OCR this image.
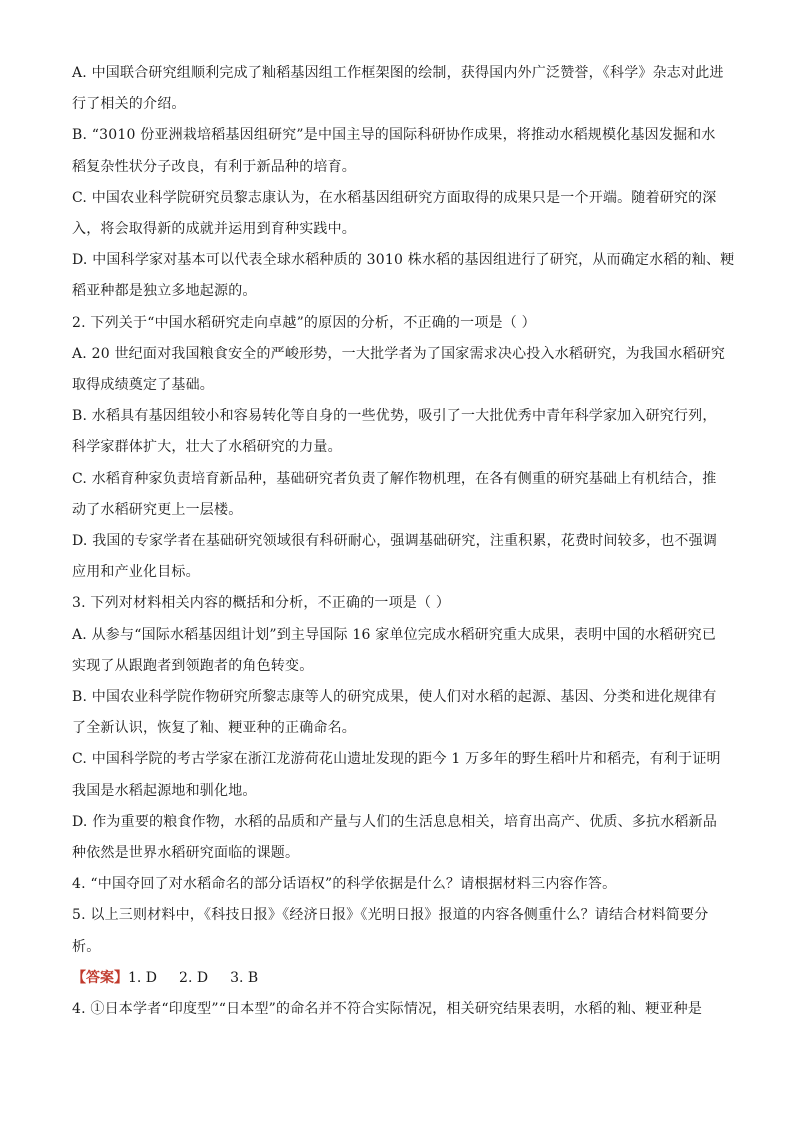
A. 中国联合研究组顺利完成了籼稻基因组工作框架图的绘制，获得国内外广泛赞誉，《科学》杂志对此进
行了相关的介绍。
B. “3010 份亚洲栽培稻基因组研究”是中国主导的国际科研协作成果，将推动水稻规模化基因发掘和水
稻复杂性状分子改良，有利于新品种的培育。
C. 中国农业科学院研究员黎志康认为，在水稻基因组研究方面取得的成果只是一个开端。随着研究的深
入，将会取得新的成就并运用到育种实践中。
D. 中国科学家对基本可以代表全球水稻种质的 3010 株水稻的基因组进行了研究，从而确定水稻的籼、粳
稻亚种都是独立多地起源的。
2. 下列关于“中国水稻研究走向卓越”的原因的分析，不正确的一项是（ ）
A. 20 世纪面对我国粮食安全的严峻形势，一大批学者为了国家需求决心投入水稻研究，为我国水稻研究
取得成绩奠定了基础。
B. 水稻具有基因组较小和容易转化等自身的一些优势，吸引了一大批优秀中青年科学家加入研究行列，
科学家群体扩大，壮大了水稻研究的力量。
C. 水稻育种家负责培育新品种，基础研究者负责了解作物机理，在各有侧重的研究基础上有机结合，推
动了水稻研究更上一层楼。
D. 我国的专家学者在基础研究领域很有科研耐心，强调基础研究，注重积累，花费时间较多，也不强调
应用和产业化目标。
3. 下列对材料相关内容的概括和分析，不正确的一项是（ ）
A. 从参与“国际水稻基因组计划”到主导国际 16 家单位完成水稻研究重大成果，表明中国的水稻研究已
实现了从跟跑者到领跑者的角色转变。
B. 中国农业科学院作物研究所黎志康等人的研究成果，使人们对水稻的起源、基因、分类和进化规律有
了全新认识，恢复了籼、粳亚种的正确命名。
C. 中国科学院的考古学家在浙江龙游荷花山遗址发现的距今 1 万多年的野生稻叶片和稻壳，有利于证明
我国是水稻起源地和驯化地。
D. 作为重要的粮食作物，水稻的品质和产量与人们的生活息息相关，培育出高产、优质、多抗水稻新品
种依然是世界水稻研究面临的课题。
4. “中国夺回了对水稻命名的部分话语权”的科学依据是什么？请根据材料三内容作答。
5. 以上三则材料中，《科技日报》《经济日报》《光明日报》报道的内容各侧重什么？请结合材料简要分
析。
【答案】1. D 2. D 3. B
4. ①日本学者“印度型”“日本型”的命名并不符合实际情况，相关研究结果表明，水稻的籼、粳亚种是
